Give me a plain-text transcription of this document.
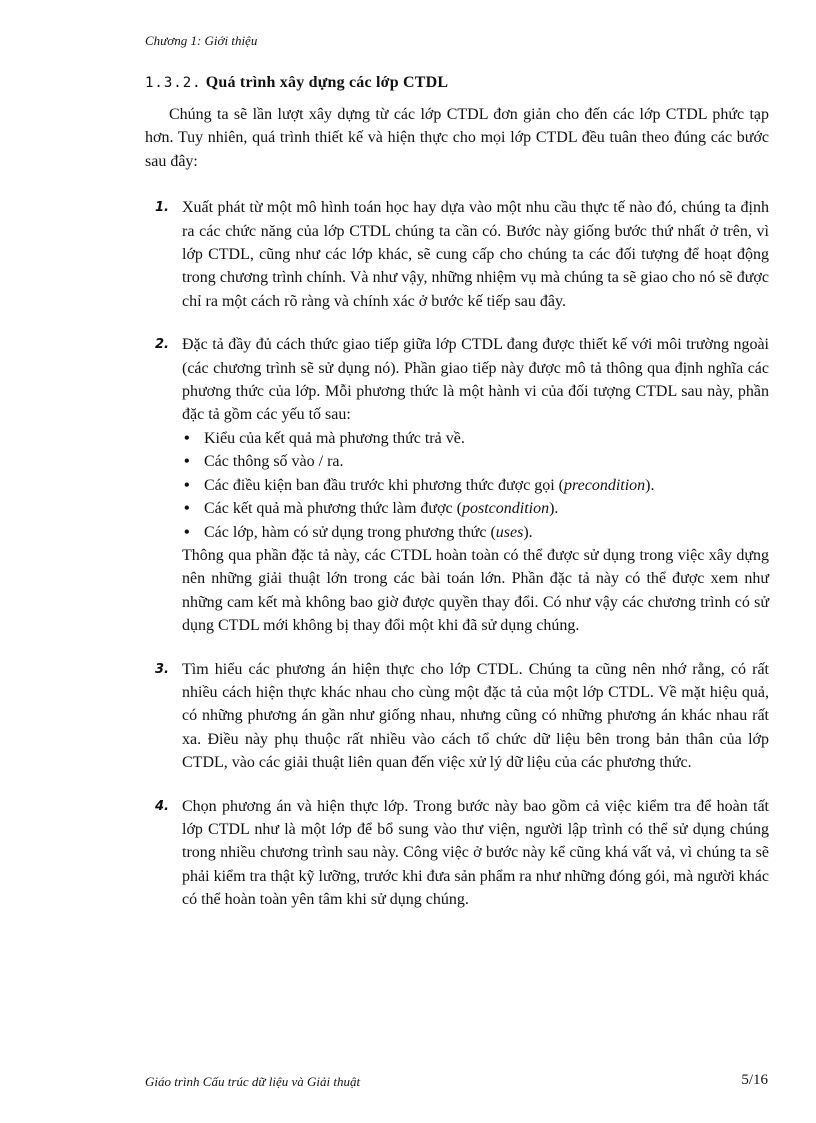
Chương 1: Giới thiệu
1.3.2. Quá trình xây dựng các lớp CTDL

Chúng ta sẽ lần lượt xây dựng từ các lớp CTDL đơn giản cho đến các lớp CTDL phức tạp hơn. Tuy nhiên, quá trình thiết kế và hiện thực cho mọi lớp CTDL đều tuân theo đúng các bước sau đây:

1. Xuất phát từ một mô hình toán học hay dựa vào một nhu cầu thực tế nào đó, chúng ta định ra các chức năng của lớp CTDL chúng ta cần có. Bước này giống bước thứ nhất ở trên, vì lớp CTDL, cũng như các lớp khác, sẽ cung cấp cho chúng ta các đối tượng để hoạt động trong chương trình chính. Và như vậy, những nhiệm vụ mà chúng ta sẽ giao cho nó sẽ được chỉ ra một cách rõ ràng và chính xác ở bước kế tiếp sau đây.

2. Đặc tả đầy đủ cách thức giao tiếp giữa lớp CTDL đang được thiết kế với môi trường ngoài (các chương trình sẽ sử dụng nó). Phần giao tiếp này được mô tả thông qua định nghĩa các phương thức của lớp. Mỗi phương thức là một hành vi của đối tượng CTDL sau này, phần đặc tả gồm các yếu tố sau:

• Kiểu của kết quả mà phương thức trả về.
• Các thông số vào / ra.
• Các điều kiện ban đầu trước khi phương thức được gọi (precondition).
• Các kết quả mà phương thức làm được (postcondition).
• Các lớp, hàm có sử dụng trong phương thức (uses).

Thông qua phần đặc tả này, các CTDL hoàn toàn có thể được sử dụng trong việc xây dựng nên những giải thuật lớn trong các bài toán lớn. Phần đặc tả này có thể được xem như những cam kết mà không bao giờ được quyền thay đổi. Có như vậy các chương trình có sử dụng CTDL mới không bị thay đổi một khi đã sử dụng chúng.

3. Tìm hiểu các phương án hiện thực cho lớp CTDL. Chúng ta cũng nên nhớ rằng, có rất nhiều cách hiện thực khác nhau cho cùng một đặc tả của một lớp CTDL. Về mặt hiệu quả, có những phương án gần như giống nhau, nhưng cũng có những phương án khác nhau rất xa. Điều này phụ thuộc rất nhiều vào cách tổ chức dữ liệu bên trong bản thân của lớp CTDL, vào các giải thuật liên quan đến việc xử lý dữ liệu của các phương thức.

4. Chọn phương án và hiện thực lớp. Trong bước này bao gồm cả việc kiểm tra để hoàn tất lớp CTDL như là một lớp để bổ sung vào thư viện, người lập trình có thể sử dụng chúng trong nhiều chương trình sau này. Công việc ở bước này kể cũng khá vất vả, vì chúng ta sẽ phải kiểm tra thật kỹ lưỡng, trước khi đưa sản phẩm ra như những đóng gói, mà người khác có thể hoàn toàn yên tâm khi sử dụng chúng.

Giáo trình Cấu trúc dữ liệu và Giải thuật	5/16
